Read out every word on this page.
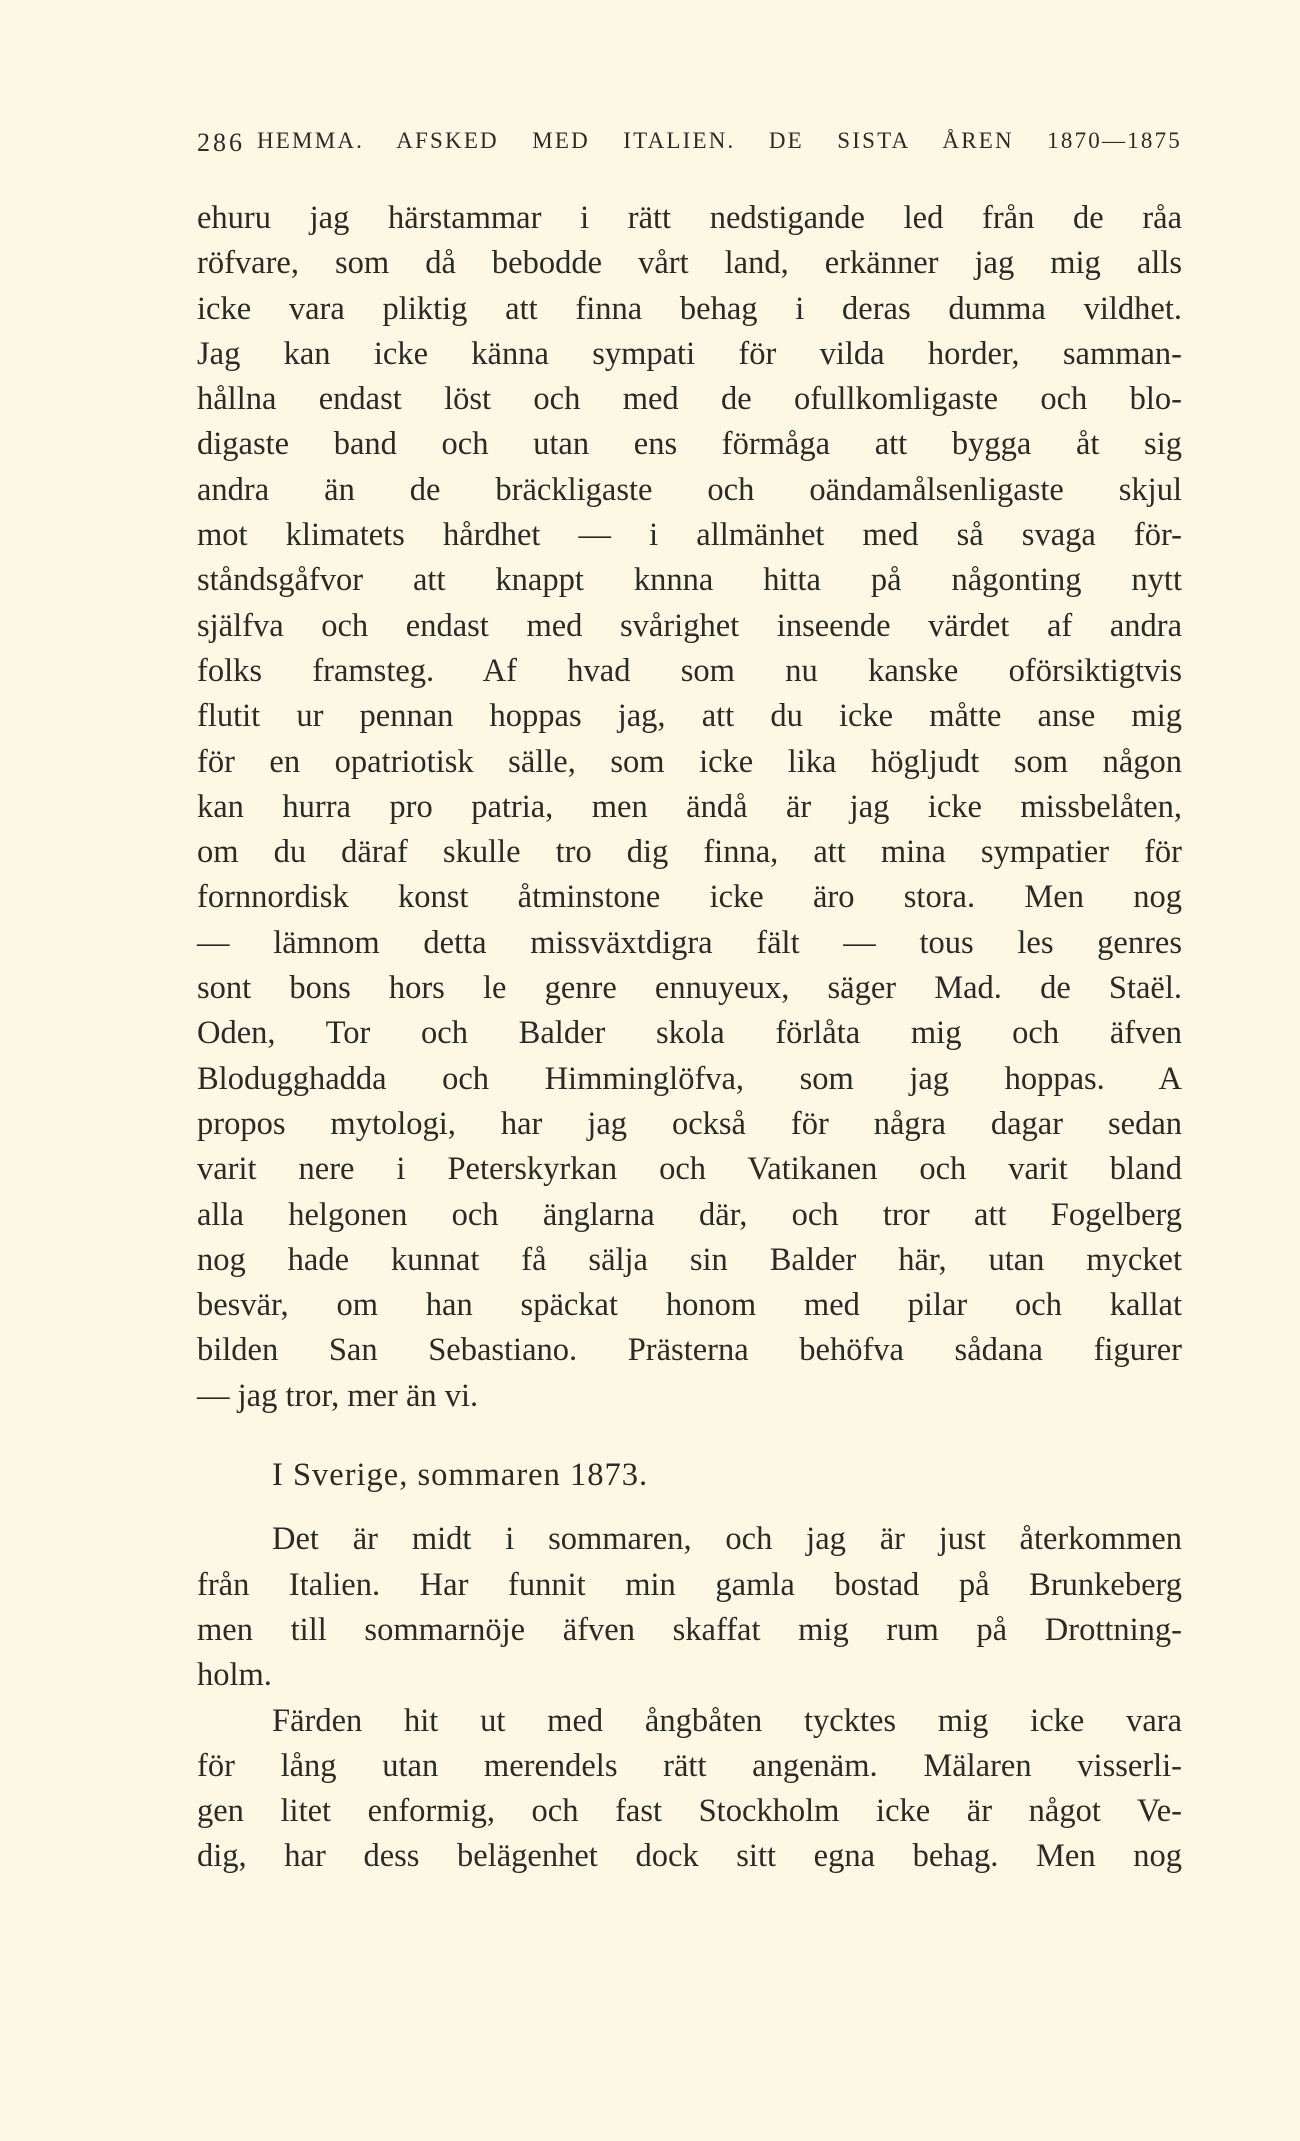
286 HEMMA. AFSKED MED ITALIEN. DE SISTA ÅREN 1870—1875
ehuru jag härstammar i rätt nedstigande led från de råa
röfvare, som då bebodde vårt land, erkänner jag mig alls
icke vara pliktig att finna behag i deras dumma vildhet.
Jag kan icke känna sympati för vilda horder, samman-
hållna endast löst och med de ofullkomligaste och blo-
digaste band och utan ens förmåga att bygga åt sig
andra än de bräckligaste och oändamålsenligaste skjul
mot klimatets hårdhet — i allmänhet med så svaga för-
ståndsgåfvor att knappt knnna hitta på någonting nytt
själfva och endast med svårighet inseende värdet af andra
folks framsteg. Af hvad som nu kanske oförsiktigtvis
flutit ur pennan hoppas jag, att du icke måtte anse mig
för en opatriotisk sälle, som icke lika högljudt som någon
kan hurra pro patria, men ändå är jag icke missbelåten,
om du däraf skulle tro dig finna, att mina sympatier för
fornnordisk konst åtminstone icke äro stora. Men nog
— lämnom detta missväxtdigra fält — tous les genres
sont bons hors le genre ennuyeux, säger Mad. de Staël.
Oden, Tor och Balder skola förlåta mig och äfven
Blodugghadda och Himminglöfva, som jag hoppas. A
propos mytologi, har jag också för några dagar sedan
varit nere i Peterskyrkan och Vatikanen och varit bland
alla helgonen och änglarna där, och tror att Fogelberg
nog hade kunnat få sälja sin Balder här, utan mycket
besvär, om han späckat honom med pilar och kallat
bilden San Sebastiano. Prästerna behöfva sådana figurer
— jag tror, mer än vi.
I Sverige, sommaren 1873.
Det är midt i sommaren, och jag är just återkommen
från Italien. Har funnit min gamla bostad på Brunkeberg
men till sommarnöje äfven skaffat mig rum på Drottning-
holm.
Färden hit ut med ångbåten tycktes mig icke vara
för lång utan merendels rätt angenäm. Mälaren visserli-
gen litet enformig, och fast Stockholm icke är något Ve-
dig, har dess belägenhet dock sitt egna behag. Men nog
